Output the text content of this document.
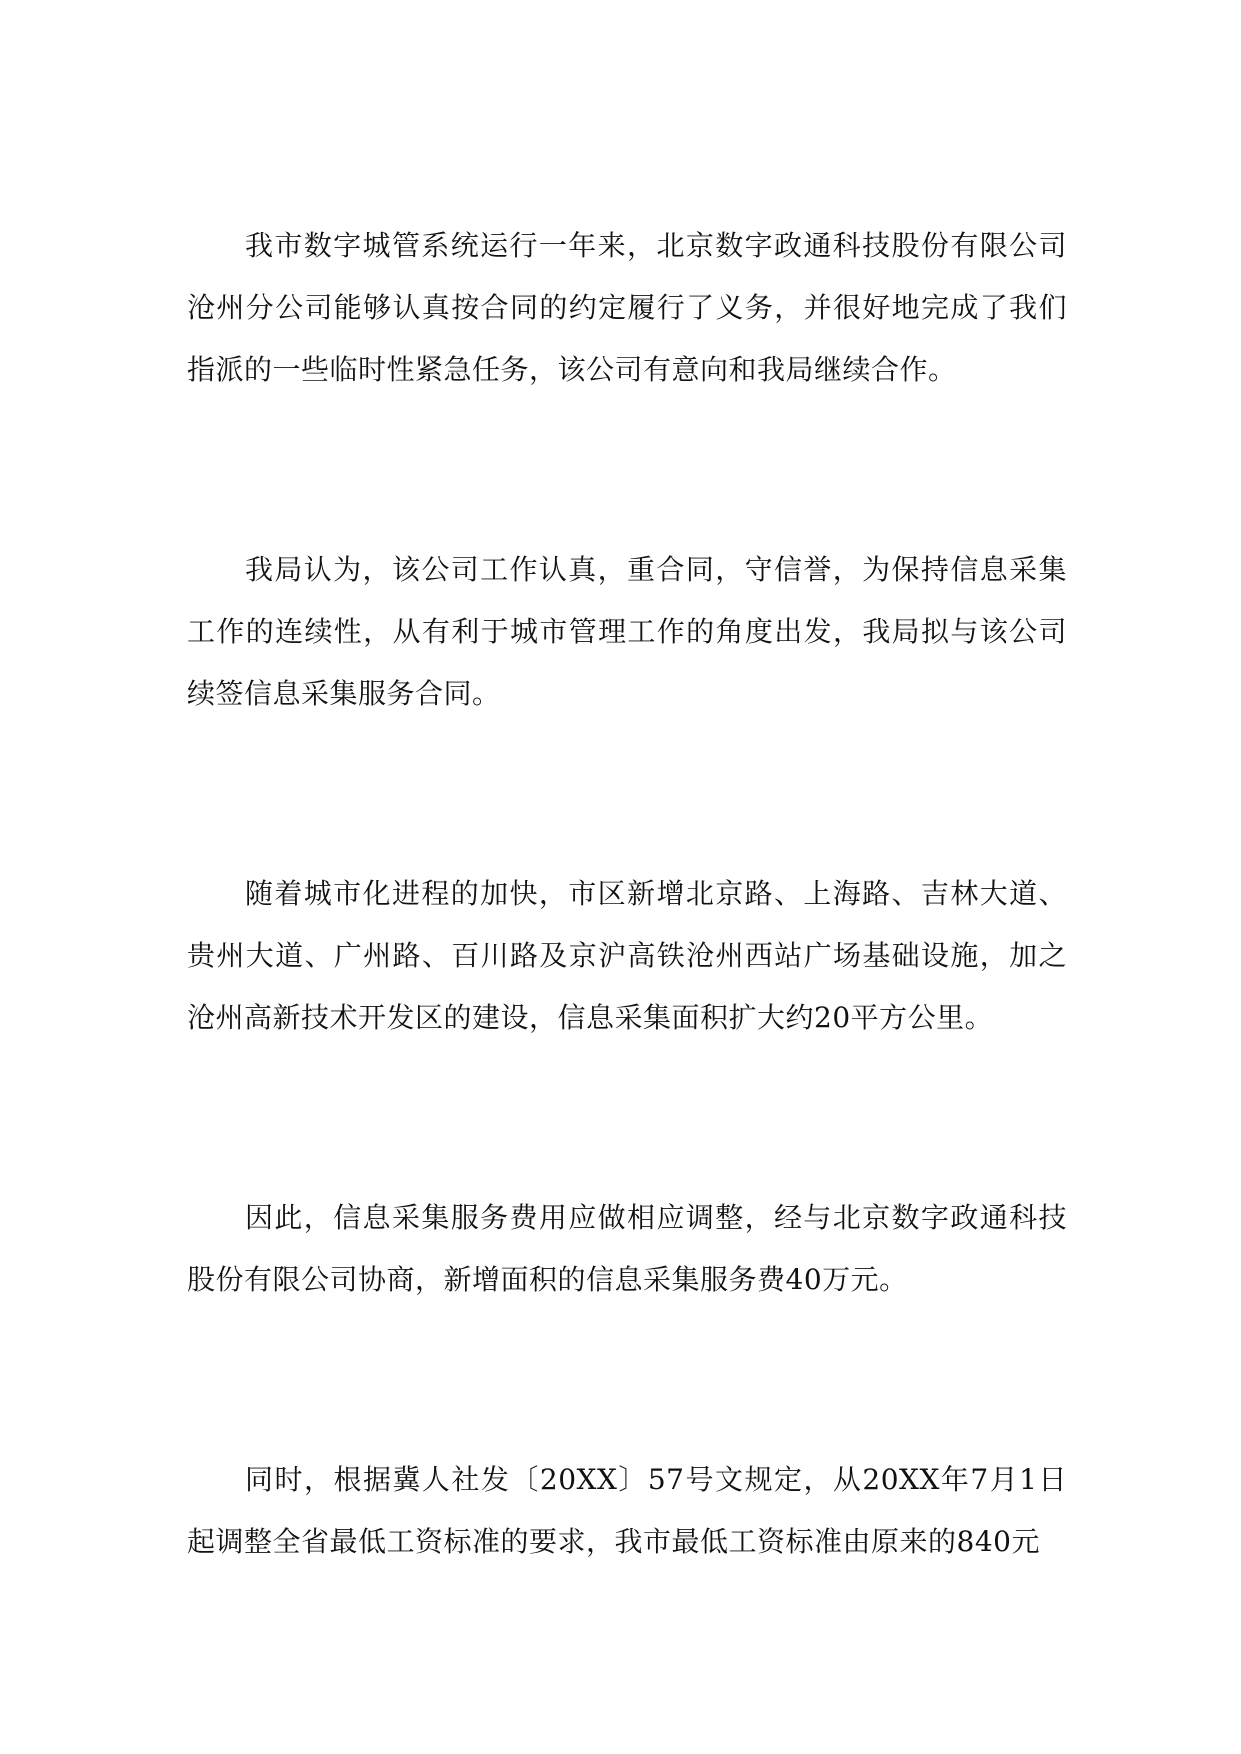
我市数字城管系统运行一年来，北京数字政通科技股份有限公司沧州分公司能够认真按合同的约定履行了义务，并很好地完成了我们指派的一些临时性紧急任务，该公司有意向和我局继续合作。

我局认为，该公司工作认真，重合同，守信誉，为保持信息采集工作的连续性，从有利于城市管理工作的角度出发，我局拟与该公司续签信息采集服务合同。

随着城市化进程的加快，市区新增北京路、上海路、吉林大道、贵州大道、广州路、百川路及京沪高铁沧州西站广场基础设施，加之沧州高新技术开发区的建设，信息采集面积扩大约20平方公里。

因此，信息采集服务费用应做相应调整，经与北京数字政通科技股份有限公司协商，新增面积的信息采集服务费40万元。

同时，根据冀人社发〔20XX〕57号文规定，从20XX年7月1日起调整全省最低工资标准的要求，我市最低工资标准由原来的840元
